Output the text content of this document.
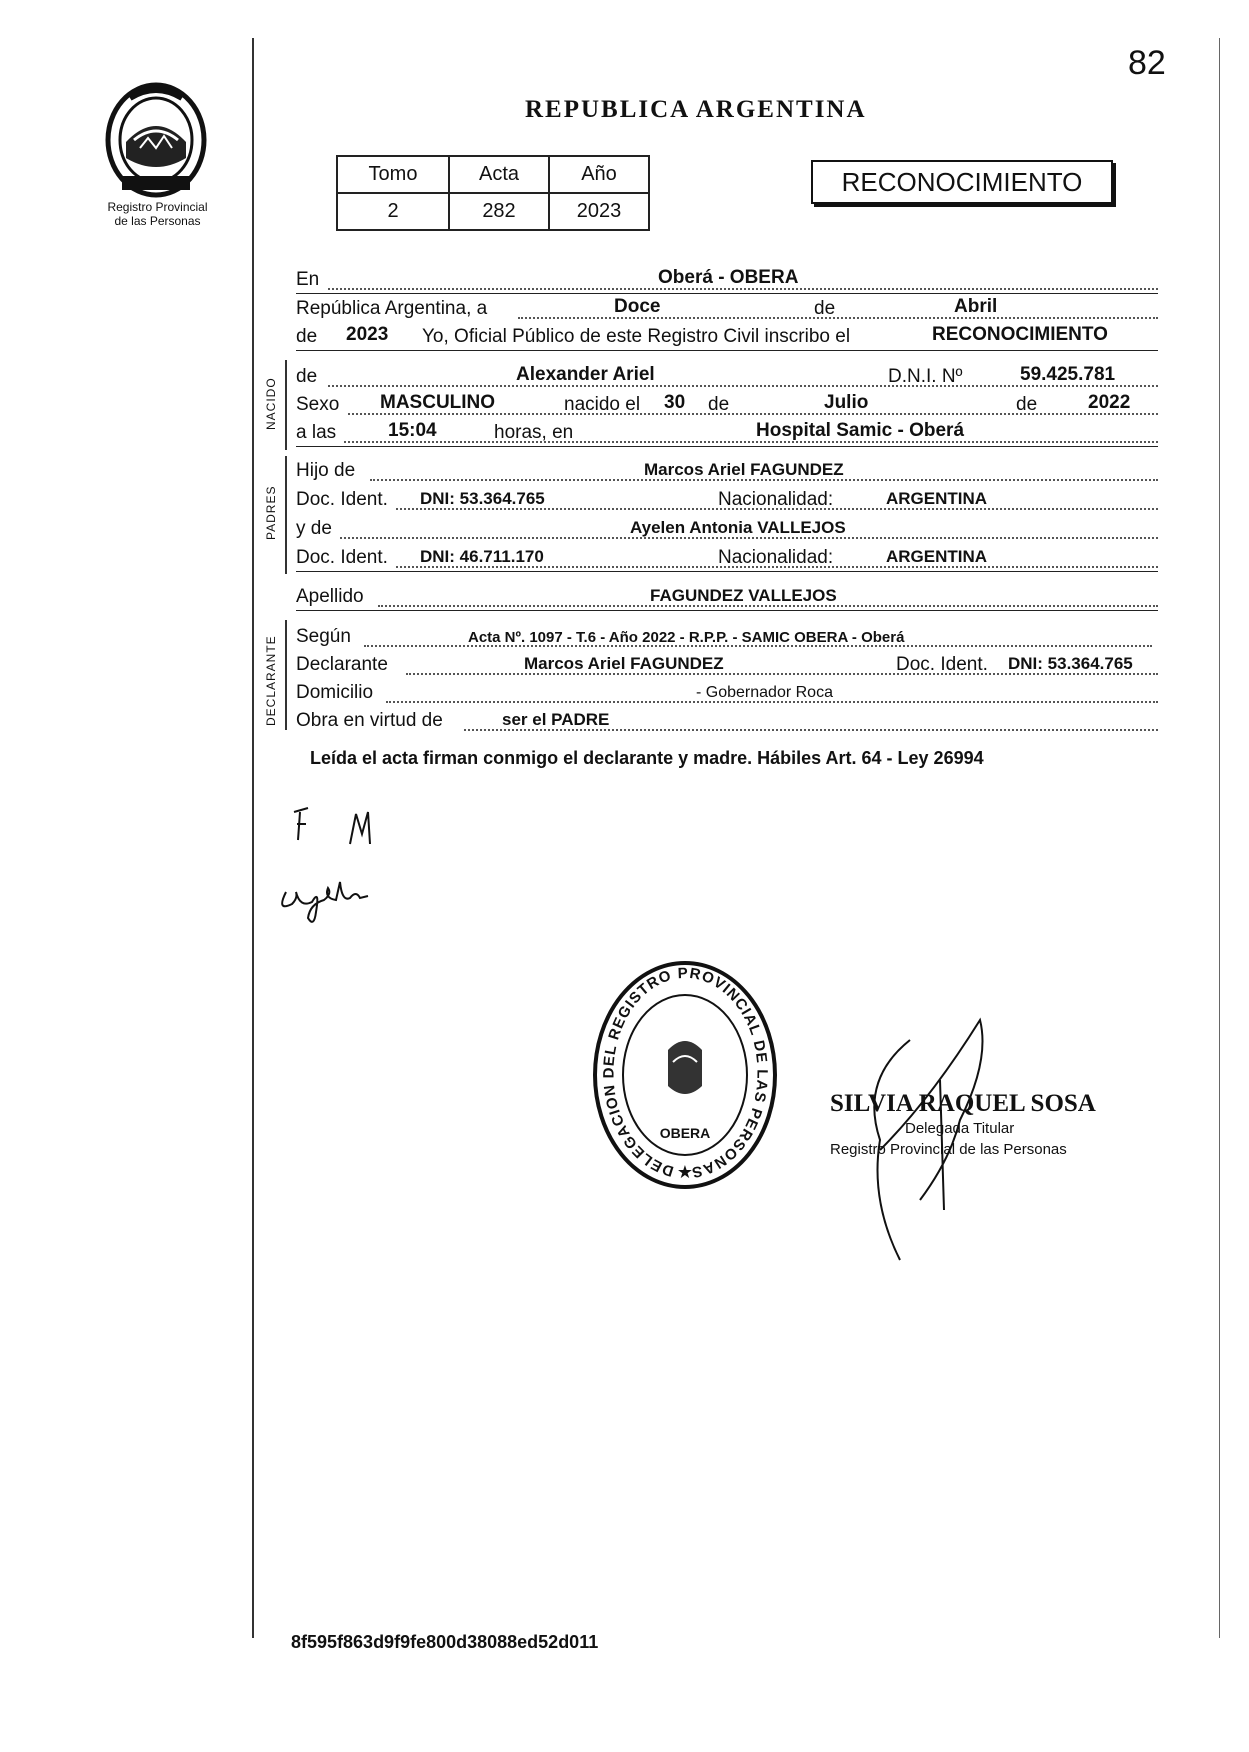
82
Registro Provincial
de las Personas
REPUBLICA ARGENTINA
Tomo	Acta	Año
2	282	2023
RECONOCIMIENTO
En	Oberá - OBERA
República Argentina, a	Doce	de	Abril
de 2023 Yo, Oficial Público de este Registro Civil inscribo el	RECONOCIMIENTO
NACIDO
de	Alexander Ariel	D.N.I. Nº	59.425.781
Sexo MASCULINO	nacido el 30 de	Julio	de	2022
a las	15:04	horas, en	Hospital Samic - Oberá
PADRES
Hijo de	Marcos Ariel FAGUNDEZ
Doc. Ident. DNI: 53.364.765	Nacionalidad:	ARGENTINA
y de	Ayelen Antonia VALLEJOS
Doc. Ident. DNI: 46.711.170	Nacionalidad:	ARGENTINA
Apellido	FAGUNDEZ VALLEJOS
DECLARANTE Según	Acta Nº. 1097 - T.6 - Año 2022 - R.P.P. - SAMIC OBERA - Oberá
Declarante	Marcos Ariel FAGUNDEZ	Doc. Ident. DNI: 53.364.765
Domicilio	- Gobernador Roca
Obra en virtud de	ser el PADRE
Leída el acta firman conmigo el declarante y madre. Hábiles Art. 64 - Ley 26994
DELEGACION DEL REGISTRO PROVINCIAL DE LAS PERSONAS
OBERA
★
SILVIA RAQUEL SOSA
Delegada Titular
Registro Provincial de las Personas
8f595f863d9f9fe800d38088ed52d011
